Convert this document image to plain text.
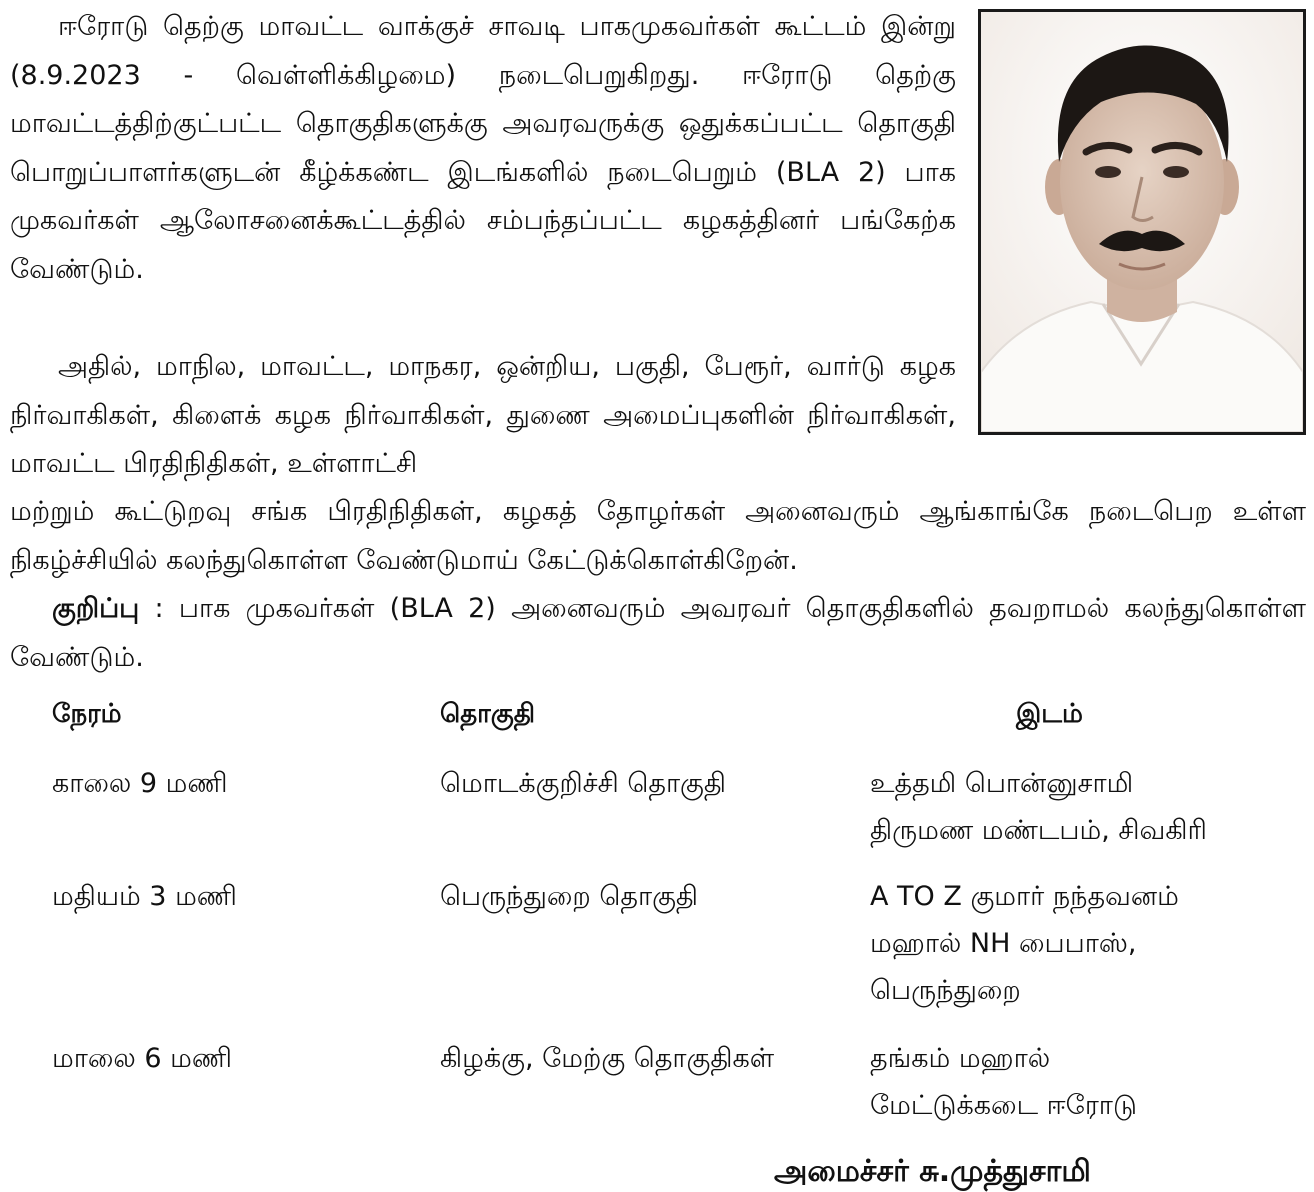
ஈரோடு தெற்கு மாவட்ட வாக்குச் சாவடி பாகமுகவர்கள் கூட்டம் இன்று (8.9.2023 - வெள்ளிக்கிழமை) நடைபெறுகிறது. ஈரோடு தெற்கு மாவட்டத்திற்குட்பட்ட தொகுதிகளுக்கு அவரவருக்கு ஒதுக்கப்பட்ட தொகுதி பொறுப்பாளர்களுடன் கீழ்க்கண்ட இடங்களில் நடைபெறும் (BLA 2) பாக முகவர்கள் ஆலோசனைக்கூட்டத்தில் சம்பந்தப்பட்ட கழகத்தினர் பங்கேற்க வேண்டும்.

அதில், மாநில, மாவட்ட, மாநகர, ஒன்றிய, பகுதி, பேரூர், வார்டு கழக நிர்வாகிகள், கிளைக் கழக நிர்வாகிகள், துணை அமைப்புகளின் நிர்வாகிகள், மாவட்ட பிரதிநிதிகள், உள்ளாட்சி

மற்றும் கூட்டுறவு சங்க பிரதிநிதிகள், கழகத் தோழர்கள் அனைவரும் ஆங்காங்கே நடைபெற உள்ள நிகழ்ச்சியில் கலந்துகொள்ள வேண்டுமாய் கேட்டுக்கொள்கிறேன்.

குறிப்பு : பாக முகவர்கள் (BLA 2) அனைவரும் அவரவர் தொகுதிகளில் தவறாமல் கலந்துகொள்ள வேண்டும்.

நேரம்	தொகுதி	இடம்
காலை 9 மணி	மொடக்குறிச்சி தொகுதி	உத்தமி பொன்னுசாமி
திருமண மண்டபம், சிவகிரி
மதியம் 3 மணி	பெருந்துறை தொகுதி	A TO Z குமார் நந்தவனம்
மஹால் NH பைபாஸ்,
பெருந்துறை
மாலை 6 மணி	கிழக்கு, மேற்கு தொகுதிகள்	தங்கம் மஹால்
மேட்டுக்கடை ஈரோடு
அமைச்சர் சு.முத்துசாமி
